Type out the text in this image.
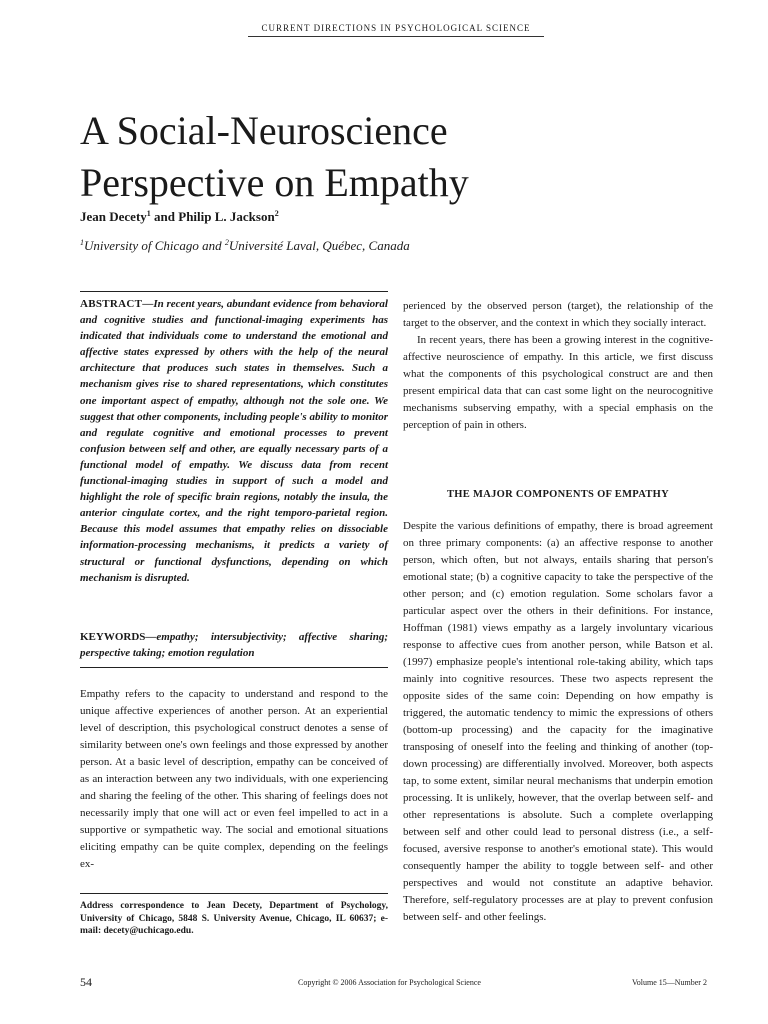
CURRENT DIRECTIONS IN PSYCHOLOGICAL SCIENCE
A Social-Neuroscience
Perspective on Empathy
Jean Decety$^1$ and Philip L. Jackson$^2$
$^1$University of Chicago and $^2$Université Laval, Québec, Canada
ABSTRACT—In recent years, abundant evidence from behavioral and cognitive studies and functional-imaging experiments has indicated that individuals come to understand the emotional and affective states expressed by others with the help of the neural architecture that produces such states in themselves. Such a mechanism gives rise to shared representations, which constitutes one important aspect of empathy, although not the sole one. We suggest that other components, including people's ability to monitor and regulate cognitive and emotional processes to prevent confusion between self and other, are equally necessary parts of a functional model of empathy. We discuss data from recent functional-imaging studies in support of such a model and highlight the role of specific brain regions, notably the insula, the anterior cingulate cortex, and the right temporo-parietal region. Because this model assumes that empathy relies on dissociable information-processing mechanisms, it predicts a variety of structural or functional dysfunctions, depending on which mechanism is disrupted.
KEYWORDS—empathy; intersubjectivity; affective sharing; perspective taking; emotion regulation

Empathy refers to the capacity to understand and respond to the unique affective experiences of another person. At an experiential level of description, this psychological construct denotes a sense of similarity between one's own feelings and those expressed by another person. At a basic level of description, empathy can be conceived of as an interaction between any two individuals, with one experiencing and sharing the feeling of the other. This sharing of feelings does not necessarily imply that one will act or even feel impelled to act in a supportive or sympathetic way. The social and emotional situations eliciting empathy can be quite complex, depending on the feelings ex-

Address correspondence to Jean Decety, Department of Psychology, University of Chicago, 5848 S. University Avenue, Chicago, IL 60637; e-mail: decety@uchicago.edu.

perienced by the observed person (target), the relationship of the target to the observer, and the context in which they socially interact.

In recent years, there has been a growing interest in the cognitive-affective neuroscience of empathy. In this article, we first discuss what the components of this psychological construct are and then present empirical data that can cast some light on the neurocognitive mechanisms subserving empathy, with a special emphasis on the perception of pain in others.

THE MAJOR COMPONENTS OF EMPATHY

Despite the various definitions of empathy, there is broad agreement on three primary components: (a) an affective response to another person, which often, but not always, entails sharing that person's emotional state; (b) a cognitive capacity to take the perspective of the other person; and (c) emotion regulation. Some scholars favor a particular aspect over the others in their definitions. For instance, Hoffman (1981) views empathy as a largely involuntary vicarious response to affective cues from another person, while Batson et al. (1997) emphasize people's intentional role-taking ability, which taps mainly into cognitive resources. These two aspects represent the opposite sides of the same coin: Depending on how empathy is triggered, the automatic tendency to mimic the expressions of others (bottom-up processing) and the capacity for the imaginative transposing of oneself into the feeling and thinking of another (top-down processing) are differentially involved. Moreover, both aspects tap, to some extent, similar neural mechanisms that underpin emotion processing. It is unlikely, however, that the overlap between self- and other representations is absolute. Such a complete overlapping between self and other could lead to personal distress (i.e., a self-focused, aversive response to another's emotional state). This would consequently hamper the ability to toggle between self- and other perspectives and would not constitute an adaptive behavior. Therefore, self-regulatory processes are at play to prevent confusion between self- and other feelings.

54	Copyright © 2006 Association for Psychological Science	Volume 15—Number 2
